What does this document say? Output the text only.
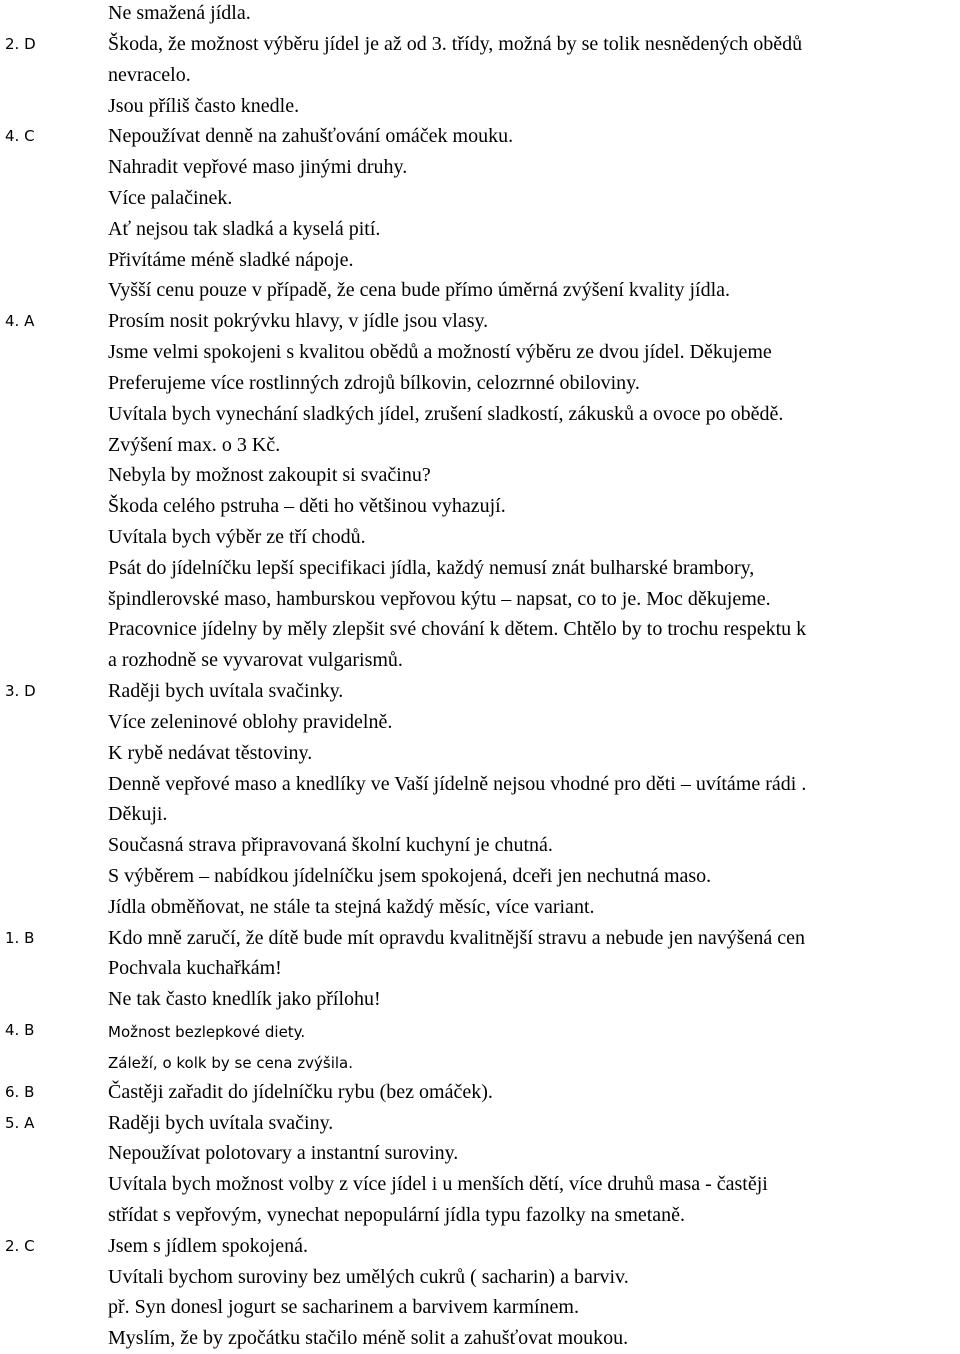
Ne smažená jídla.
2. D	Škoda, že možnost výběru jídel je až od 3. třídy, možná by se tolik nesnědených obědů
nevracelo.
Jsou příliš často knedle.
4. C	Nepoužívat denně na zahušťování omáček mouku.
Nahradit vepřové maso jinými druhy.
Více palačinek.
Ať nejsou tak sladká a kyselá pití.
Přivítáme méně sladké nápoje.
Vyšší cenu pouze v případě, že cena bude přímo úměrná zvýšení kvality jídla.
4. A	Prosím nosit pokrývku hlavy, v jídle jsou vlasy.
Jsme velmi spokojeni s kvalitou obědů a možností výběru ze dvou jídel. Děkujeme
Preferujeme více rostlinných zdrojů bílkovin, celozrnné obiloviny.
Uvítala bych vynechání sladkých jídel, zrušení sladkostí, zákusků a ovoce po obědě.
Zvýšení max. o 3 Kč.
Nebyla by možnost zakoupit si svačinu?
Škoda celého pstruha – děti ho většinou vyhazují.
Uvítala bych výběr ze tří chodů.
Psát do jídelníčku lepší specifikaci jídla, každý nemusí znát bulharské brambory,
špindlerovské maso, hamburskou vepřovou kýtu – napsat, co to je. Moc děkujeme.
Pracovnice jídelny by měly zlepšit své chování k dětem. Chtělo by to trochu respektu k
a rozhodně se vyvarovat vulgarismů.
3. D	Raději bych uvítala svačinky.
Více zeleninové oblohy pravidelně.
K rybě nedávat těstoviny.
Denně vepřové maso a knedlíky ve Vaší jídelně nejsou vhodné pro děti – uvítáme rádi .
Děkuji.
Současná strava připravovaná školní kuchyní je chutná.
S výběrem – nabídkou jídelníčku jsem spokojená, dceři jen nechutná maso.
Jídla obměňovat, ne stále ta stejná každý měsíc, více variant.
1. B	Kdo mně zaručí, že dítě bude mít opravdu kvalitnější stravu a nebude jen navýšená cen
Pochvala kuchařkám!
Ne tak často knedlík jako přílohu!
4. B	Možnost bezlepkové diety.
Záleží, o kolk by se cena zvýšila.
6. B	Častěji zařadit do jídelníčku rybu (bez omáček).
5. A	Raději bych uvítala svačiny.
Nepoužívat polotovary a instantní suroviny.
Uvítala bych možnost volby z více jídel i u menších dětí, více druhů masa - častěji
střídat s vepřovým, vynechat nepopulární jídla typu fazolky na smetaně.
2. C	Jsem s jídlem spokojená.
Uvítali bychom suroviny bez umělých cukrů ( sacharin) a barviv.
př. Syn donesl jogurt se sacharinem a barvivem karmínem.
Myslím, že by zpočátku stačilo méně solit a zahušťovat moukou.
